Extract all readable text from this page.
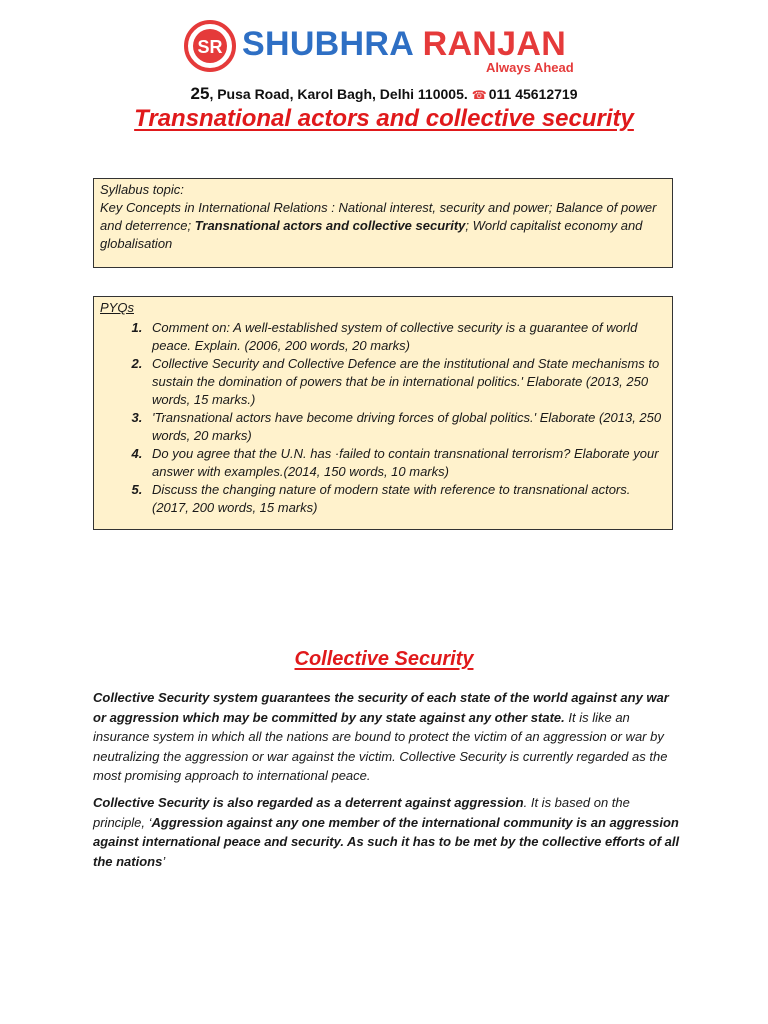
SR SHUBHRA RANJAN
Always Ahead
25, Pusa Road, Karol Bagh, Delhi 110005. ☎ 011 45612719
Transnational actors and collective security
Syllabus topic:
Key Concepts in International Relations : National interest, security and power; Balance of power and deterrence; Transnational actors and collective security; World capitalist economy and globalisation
PYQs
1. Comment on: A well-established system of collective security is a guarantee of world peace. Explain. (2006, 200 words, 20 marks)
2. Collective Security and Collective Defence are the institutional and State mechanisms to sustain the domination of powers that be in international politics.' Elaborate (2013, 250 words, 15 marks.)
3. 'Transnational actors have become driving forces of global politics.' Elaborate (2013, 250 words, 20 marks)
4. Do you agree that the U.N. has ·failed to contain transnational terrorism? Elaborate your answer with examples.(2014, 150 words, 10 marks)
5. Discuss the changing nature of modern state with reference to transnational actors.(2017, 200 words, 15 marks)
Collective Security
Collective Security system guarantees the security of each state of the world against any war or aggression which may be committed by any state against any other state. It is like an insurance system in which all the nations are bound to protect the victim of an aggression or war by neutralizing the aggression or war against the victim. Collective Security is currently regarded as the most promising approach to international peace.
Collective Security is also regarded as a deterrent against aggression. It is based on the principle, ‘Aggression against any one member of the international community is an aggression against international peace and security. As such it has to be met by the collective efforts of all the nations’
